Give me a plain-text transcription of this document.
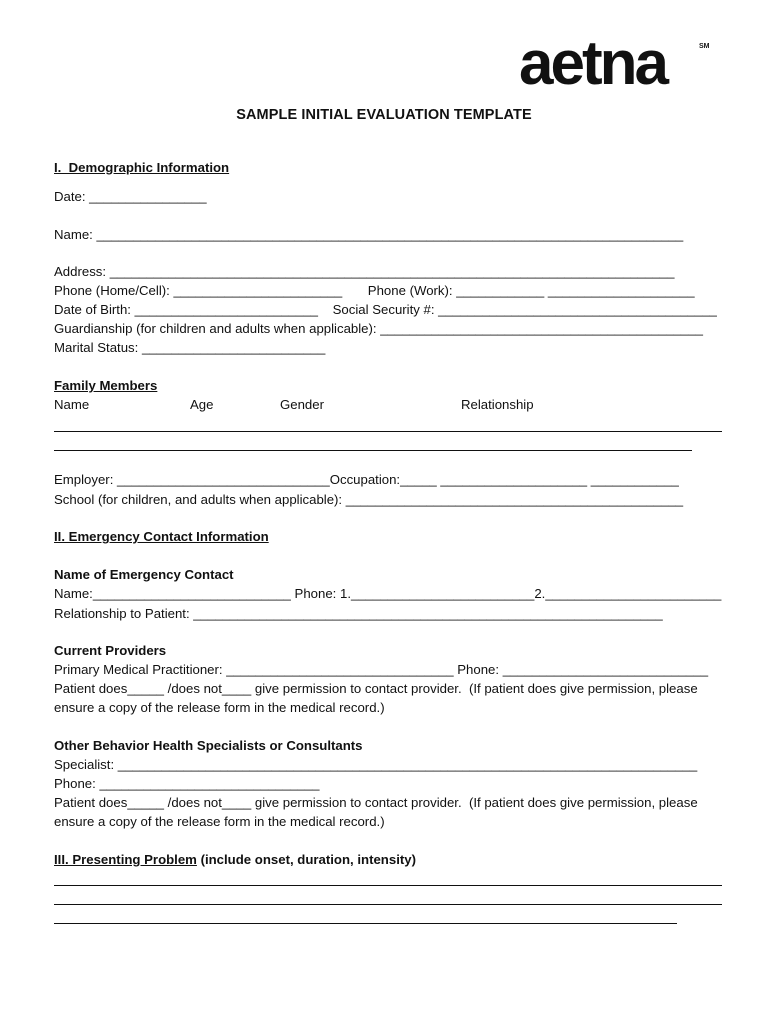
aetna	SM
SAMPLE INITIAL EVALUATION TEMPLATE
I.  Demographic Information
Date: ________________
Name: ________________________________________________________________________________
Address: _____________________________________________________________________________
Phone (Home/Cell): _______________________       Phone (Work): ____________ ____________________
Date of Birth: _________________________    Social Security #: ______________________________________
Guardianship (for children and adults when applicable): ____________________________________________
Marital Status: _________________________
Family Members
Name	Age	Gender	Relationship
Employer: _____________________________Occupation:_____ ____________________ ____________
School (for children, and adults when applicable): ______________________________________________
II. Emergency Contact Information
Name of Emergency Contact
Name:___________________________ Phone: 1._________________________2.________________________
Relationship to Patient: ________________________________________________________________
Current Providers
Primary Medical Practitioner: _______________________________ Phone: ____________________________
Patient does_____ /does not____ give permission to contact provider.  (If patient does give permission, please
ensure a copy of the release form in the medical record.)
Other Behavior Health Specialists or Consultants
Specialist: _______________________________________________________________________________
Phone: ______________________________
Patient does_____ /does not____ give permission to contact provider.  (If patient does give permission, please
ensure a copy of the release form in the medical record.)
III. Presenting Problem (include onset, duration, intensity)
